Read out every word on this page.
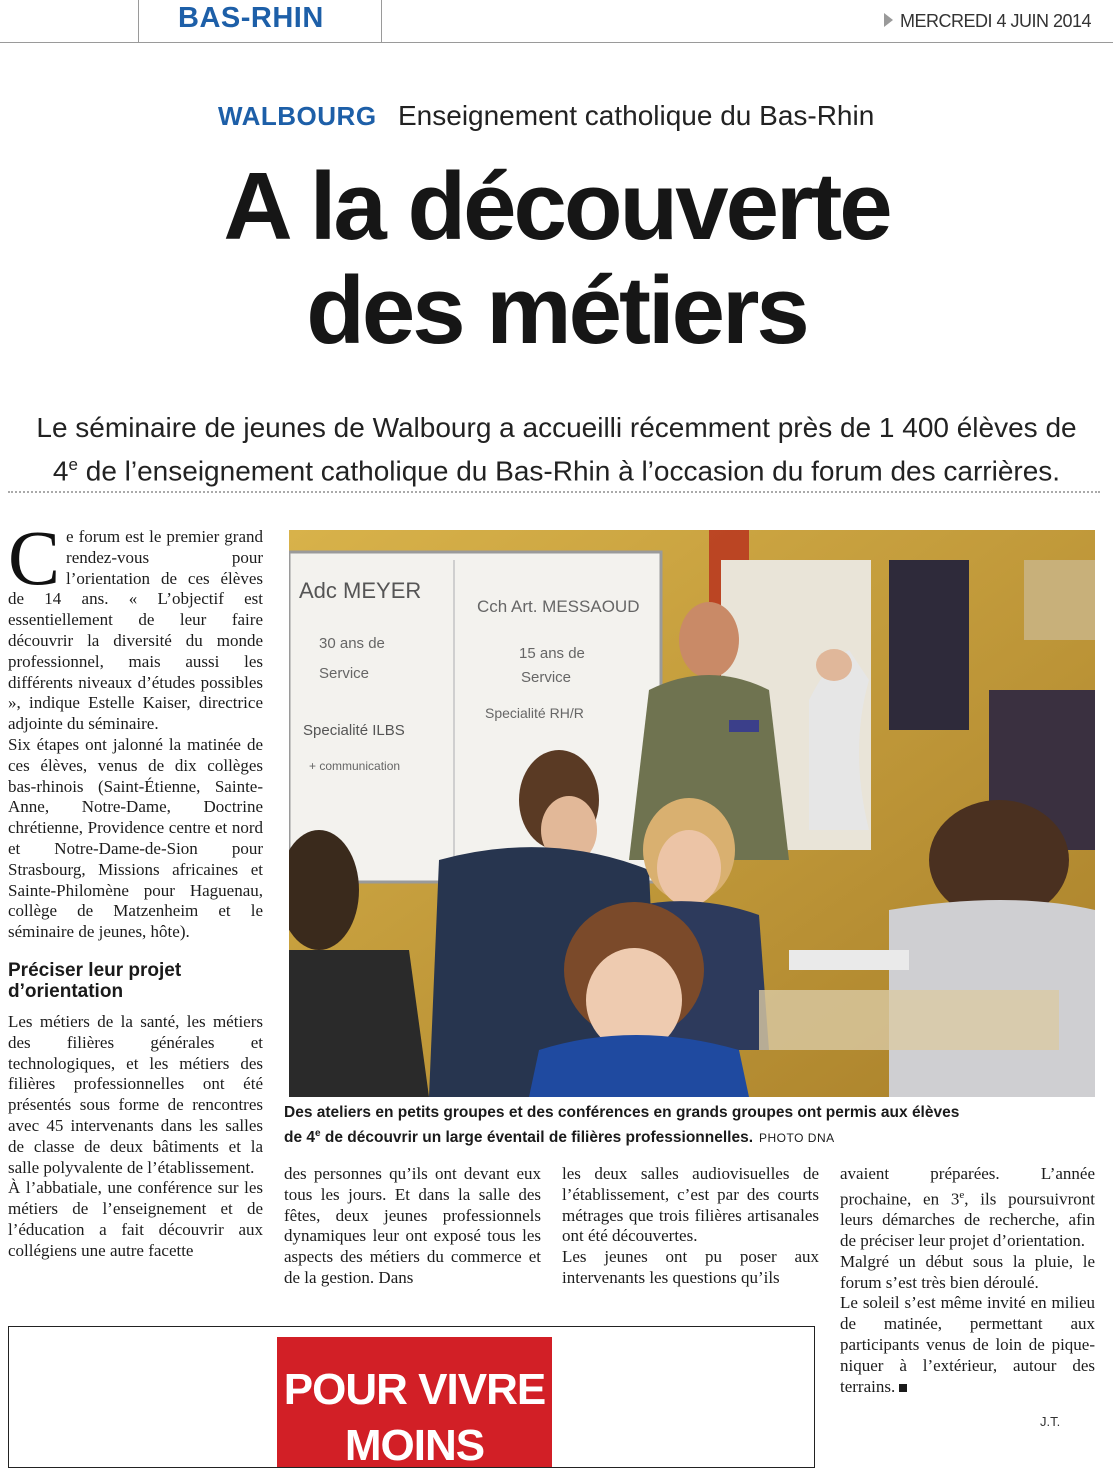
BAS-RHIN	MERCREDI 4 JUIN 2014
WALBOURG Enseignement catholique du Bas-Rhin
A la découverte
des métiers
Le séminaire de jeunes de Walbourg a accueilli récemment près de 1 400 élèves de
4e de l’enseignement catholique du Bas-Rhin à l’occasion du forum des carrières.

Ce forum est le premier grand rendez-vous pour l’orientation de ces élèves de 14 ans. « L’objectif est essentiellement de leur faire découvrir la diversité du monde professionnel, mais aussi les différents niveaux d’études possibles », indique Estelle Kaiser, directrice adjointe du séminaire.

Six étapes ont jalonné la matinée de ces élèves, venus de dix collèges bas-rhinois (Saint-Étienne, Sainte-Anne, Notre-Dame, Doctrine chrétienne, Providence centre et nord et Notre-Dame-de-Sion pour Strasbourg, Missions africaines et Sainte-Philomène pour Haguenau, collège de Matzenheim et le séminaire de jeunes, hôte).

Préciser leur projet d’orientation

Les métiers de la santé, les métiers des filières générales et technologiques, et les métiers des filières professionnelles ont été présentés sous forme de rencontres avec 45 intervenants dans les salles de classe de deux bâtiments et la salle polyvalente de l’établissement.

À l’abbatiale, une conférence sur les métiers de l’enseignement et de l’éducation a fait découvrir aux collégiens une autre facette

Adc MEYER
30 ans de
Service
Specialité ILBS
+ communication
Cch Art. MESSAOUD
15 ans de
Service
Specialité RH/R
Des ateliers en petits groupes et des conférences en grands groupes ont permis aux élèves
de 4e de découvrir un large éventail de filières professionnelles. PHOTO DNA

des personnes qu’ils ont devant eux tous les jours. Et dans la salle des fêtes, deux jeunes professionnels dynamiques leur ont exposé tous les aspects des métiers du commerce et de la gestion. Dans

les deux salles audiovisuelles de l’établissement, c’est par des courts métrages que trois filières artisanales ont été découvertes.

Les jeunes ont pu poser aux intervenants les questions qu’ils

avaient préparées. L’année prochaine, en 3e, ils poursuivront leurs démarches de recherche, afin de préciser leur projet d’orientation.

Malgré un début sous la pluie, le forum s’est très bien déroulé.

Le soleil s’est même invité en milieu de matinée, permettant aux participants venus de loin de pique-niquer à l’extérieur, autour des terrains.

J.T.
POUR VIVRE
MOINS
